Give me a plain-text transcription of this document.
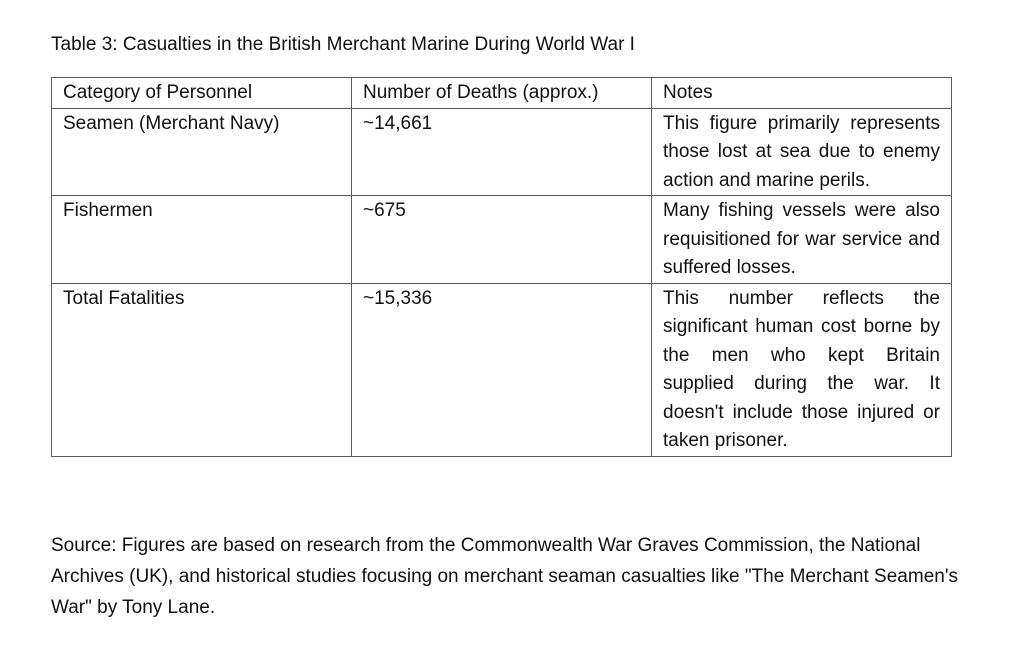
Table 3: Casualties in the British Merchant Marine During World War I
Category of Personnel	Number of Deaths (approx.)	Notes
Seamen (Merchant Navy)	~14,661	This figure primarily represents those lost at sea due to enemy action and marine perils.
Fishermen	~675	Many fishing vessels were also requisitioned for war service and suffered losses.
Total Fatalities	~15,336	This number reflects the significant human cost borne by the men who kept Britain supplied during the war. It doesn't include those injured or taken prisoner.
Source: Figures are based on research from the Commonwealth War Graves Commission, the National Archives (UK), and historical studies focusing on merchant seaman casualties like "The Merchant Seamen's War" by Tony Lane.
